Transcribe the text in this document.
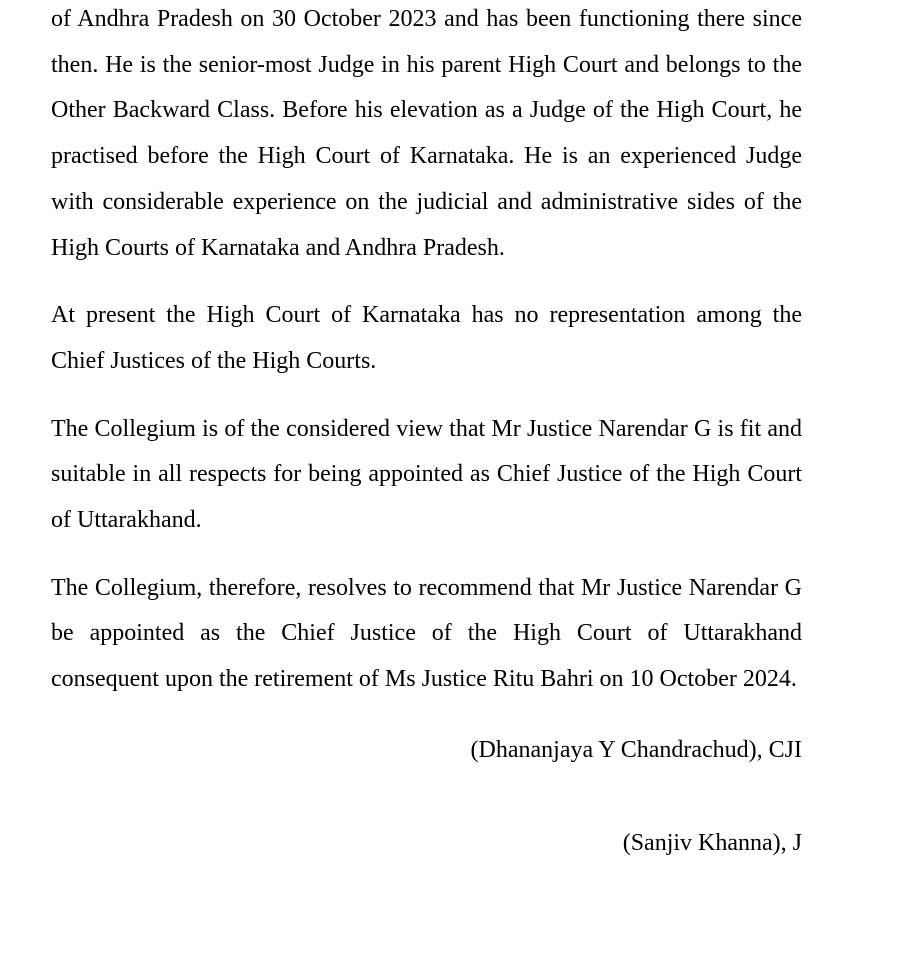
of Andhra Pradesh on 30 October 2023 and has been functioning there since then. He is the senior-most Judge in his parent High Court and belongs to the Other Backward Class. Before his elevation as a Judge of the High Court, he practised before the High Court of Karnataka. He is an experienced Judge with considerable experience on the judicial and administrative sides of the High Courts of Karnataka and Andhra Pradesh.

At present the High Court of Karnataka has no representation among the Chief Justices of the High Courts.

The Collegium is of the considered view that Mr Justice Narendar G is fit and suitable in all respects for being appointed as Chief Justice of the High Court of Uttarakhand.

The Collegium, therefore, resolves to recommend that Mr Justice Narendar G be appointed as the Chief Justice of the High Court of Uttarakhand consequent upon the retirement of Ms Justice Ritu Bahri on 10 October 2024.

(Dhananjaya Y Chandrachud), CJI

(Sanjiv Khanna), J
